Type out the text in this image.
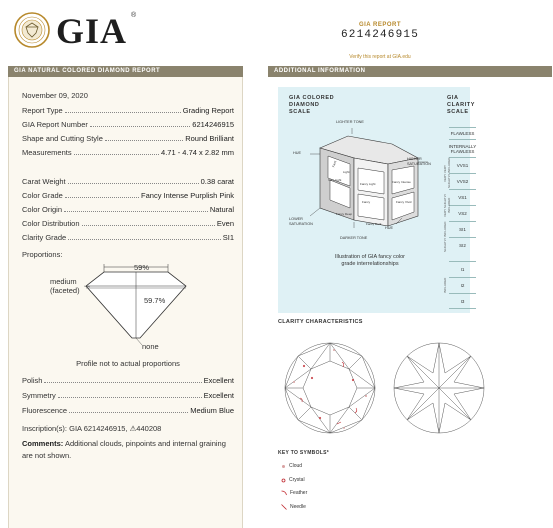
GIA ®
GIA REPORT
6214246915
Verify this report at GIA.edu
GIA NATURAL COLORED DIAMOND REPORT	ADDITIONAL INFORMATION
November 09, 2020
Report Type	Grading Report
GIA Report Number	6214246915
Shape and Cutting Style	Round Brilliant
Measurements	4.71 - 4.74 x 2.82 mm
Carat Weight	0.38 carat
Color Grade	Fancy Intense Purplish Pink
Color Origin	Natural
Color Distribution	Even
Clarity Grade	SI1
Proportions:
Polish	Excellent
Symmetry	Excellent
Fluorescence	Medium Blue
Inscription(s): GIA 6214246915, ⚠440208
59%
59.7%
medium
(faceted)
none
Profile not to actual proportions
Comments: Additional clouds, pinpoints and internal graining are not shown.
GIA COLORED
DIAMOND
SCALE
GIA
CLARITY
SCALE
LIGHTER TONE
HUE
HIGHER
SATURATION
LOWER
SATURATION
DARKER TONE
HUE
Faint
Very Light
Light
Fancy Light
Fancy
Fancy Intense
Fancy Vivid
Fancy Deep
Fancy Dark
Illustration of GIA fancy color
grade interrelationships
FLAWLESS
INTERNALLY
FLAWLESS
VVS1
VVS2
VS1
VS2
SI1
SI2
I1
I2
I3
VERY VERY SLIGHTLY INCLUDED
VERY SLIGHTLY INCLUDED
SLIGHTLY INCLUDED
INCLUDED
CLARITY CHARACTERISTICS
KEY TO SYMBOLS*
Cloud
Crystal
Feather
Needle
